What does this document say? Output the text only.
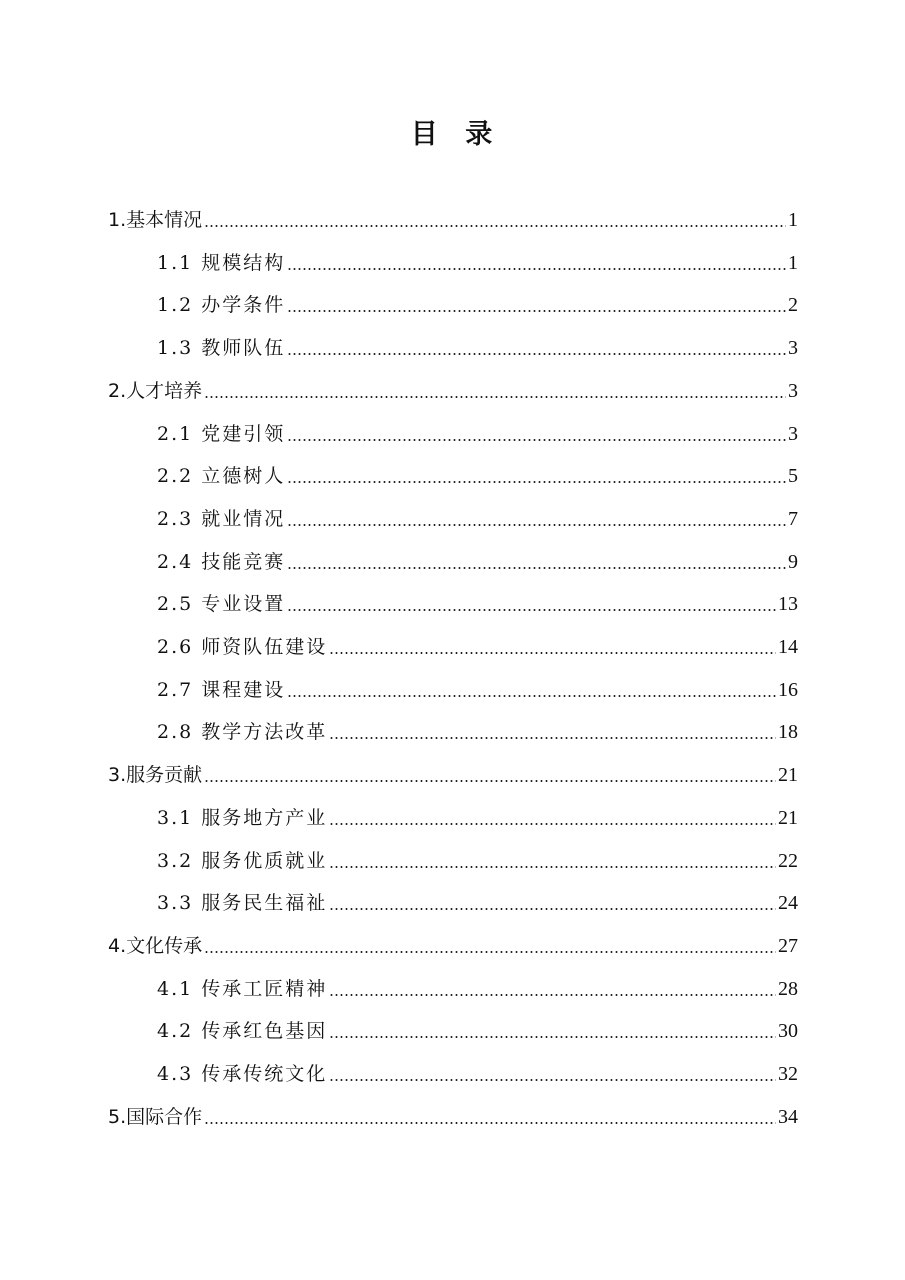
目 录
1.基本情况	1
1.1 规模结构	1
1.2 办学条件	2
1.3 教师队伍	3
2.人才培养	3
2.1 党建引领	3
2.2 立德树人	5
2.3 就业情况	7
2.4 技能竞赛	9
2.5 专业设置	13
2.6 师资队伍建设	14
2.7 课程建设	16
2.8 教学方法改革	18
3.服务贡献	21
3.1 服务地方产业	21
3.2 服务优质就业	22
3.3 服务民生福祉	24
4.文化传承	27
4.1 传承工匠精神	28
4.2 传承红色基因	30
4.3 传承传统文化	32
5.国际合作	34
